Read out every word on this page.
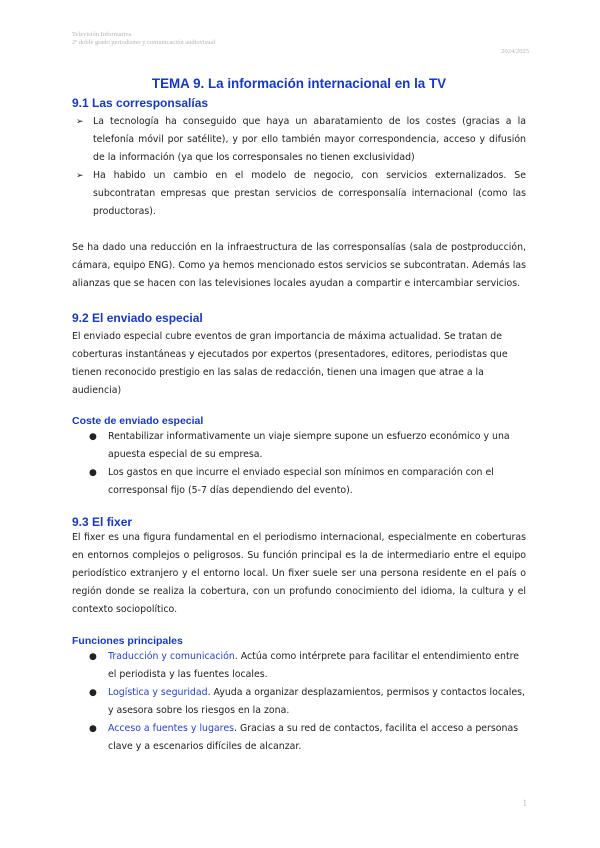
Televisión Informativa
2º doble grado periodismo y comunicación audiovisual
2024/2025
TEMA 9. La información internacional en la TV
9.1 Las corresponsalías
➢ La tecnología ha conseguido que haya un abaratamiento de los costes (gracias a la telefonía móvil por satélite), y por ello también mayor correspondencia, acceso y difusión de la información (ya que los corresponsales no tienen exclusividad)
➢ Ha habido un cambio en el modelo de negocio, con servicios externalizados. Se subcontratan empresas que prestan servicios de corresponsalía internacional (como las productoras).

Se ha dado una reducción en la infraestructura de las corresponsalías (sala de postproducción, cámara, equipo ENG). Como ya hemos mencionado estos servicios se subcontratan. Además las alianzas que se hacen con las televisiones locales ayudan a compartir e intercambiar servicios.

9.2 El enviado especial

El enviado especial cubre eventos de gran importancia de máxima actualidad. Se tratan de coberturas instantáneas y ejecutados por expertos (presentadores, editores, periodistas que tienen reconocido prestigio en las salas de redacción, tienen una imagen que atrae a la audiencia)

Coste de enviado especial
● Rentabilizar informativamente un viaje siempre supone un esfuerzo económico y una apuesta especial de su empresa.
● Los gastos en que incurre el enviado especial son mínimos en comparación con el corresponsal fijo (5-7 días dependiendo del evento).
9.3 El fixer

El fixer es una figura fundamental en el periodismo internacional, especialmente en coberturas en entornos complejos o peligrosos. Su función principal es la de intermediario entre el equipo periodístico extranjero y el entorno local. Un fixer suele ser una persona residente en el país o región donde se realiza la cobertura, con un profundo conocimiento del idioma, la cultura y el contexto sociopolítico.

Funciones principales
● Traducción y comunicación. Actúa como intérprete para facilitar el entendimiento entre el periodista y las fuentes locales.
● Logística y seguridad. Ayuda a organizar desplazamientos, permisos y contactos locales, y asesora sobre los riesgos en la zona.
● Acceso a fuentes y lugares. Gracias a su red de contactos, facilita el acceso a personas clave y a escenarios difíciles de alcanzar.
1
